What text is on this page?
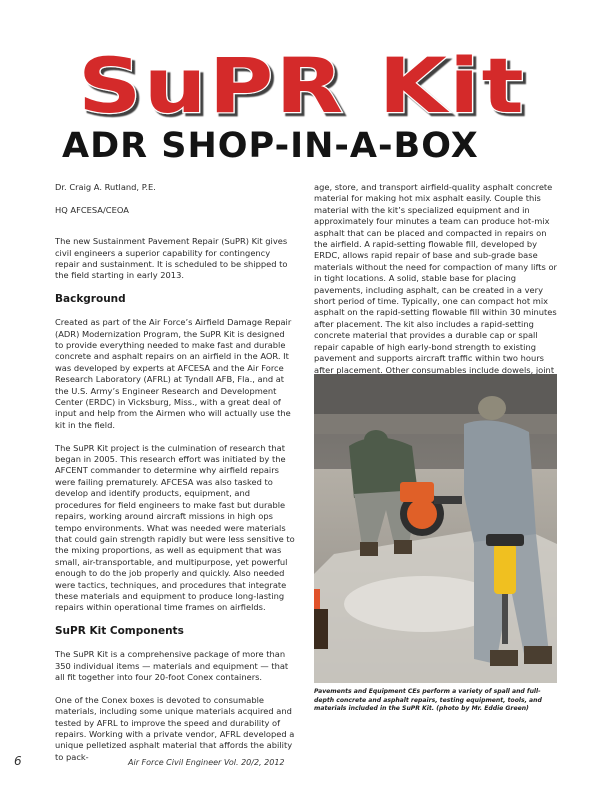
SuPR Kit
ADR SHOP-IN-A-BOX

Dr. Craig A. Rutland, P.E.

HQ AFCESA/CEOA

The new Sustainment Pavement Repair (SuPR) Kit gives civil engineers a superior capability for contingency repair and sustainment. It is scheduled to be shipped to the field starting in early 2013.

Background

Created as part of the Air Force’s Airfield Damage Repair (ADR) Modernization Program, the SuPR Kit is designed to provide everything needed to make fast and durable concrete and asphalt repairs on an airfield in the AOR. It was developed by experts at AFCESA and the Air Force Research Laboratory (AFRL) at Tyndall AFB, Fla., and at the U.S. Army’s Engineer Research and Development Center (ERDC) in Vicksburg, Miss., with a great deal of input and help from the Airmen who will actually use the kit in the field.

The SuPR Kit project is the culmination of research that began in 2005. This research effort was initiated by the AFCENT commander to determine why airfield repairs were failing prematurely. AFCESA was also tasked to develop and identify products, equipment, and procedures for field engineers to make fast but durable repairs, working around aircraft missions in high ops tempo environments. What was needed were materials that could gain strength rapidly but were less sensitive to the mixing proportions, as well as equipment that was small, air-transportable, and multipurpose, yet powerful enough to do the job properly and quickly. Also needed were tactics, techniques, and procedures that integrate these materials and equipment to produce long-lasting repairs within operational time frames on airfields.

SuPR Kit Components

The SuPR Kit is a comprehensive package of more than 350 individual items — materials and equipment — that all fit together into four 20-foot Conex containers.

One of the Conex boxes is devoted to consumable materials, including some unique materials acquired and tested by AFRL to improve the speed and durability of repairs. Working with a private vendor, AFRL developed a unique pelletized asphalt material that affords the ability to pack-

age, store, and transport airfield-quality asphalt concrete material for making hot mix asphalt easily. Couple this material with the kit’s specialized equipment and in approximately four minutes a team can produce hot-mix asphalt that can be placed and compacted in repairs on the airfield. A rapid-setting flowable fill, developed by ERDC, allows rapid repair of base and sub-grade base materials without the need for compaction of many lifts or in tight locations. A solid, stable base for placing pavements, including asphalt, can be created in a very short period of time. Typically, one can compact hot mix asphalt on the rapid-setting flowable fill within 30 minutes after placement. The kit also includes a rapid-setting concrete material that provides a durable cap or spall repair capable of high early-bond strength to existing pavement and supports aircraft traffic within two hours after placement. Other consumables include dowels, joint

Pavements and Equipment CEs perform a variety of spall and full-depth concrete and asphalt repairs, testing equipment, tools, and materials included in the SuPR Kit. (photo by Mr. Eddie Green)
6	Air Force Civil Engineer Vol. 20/2, 2012
